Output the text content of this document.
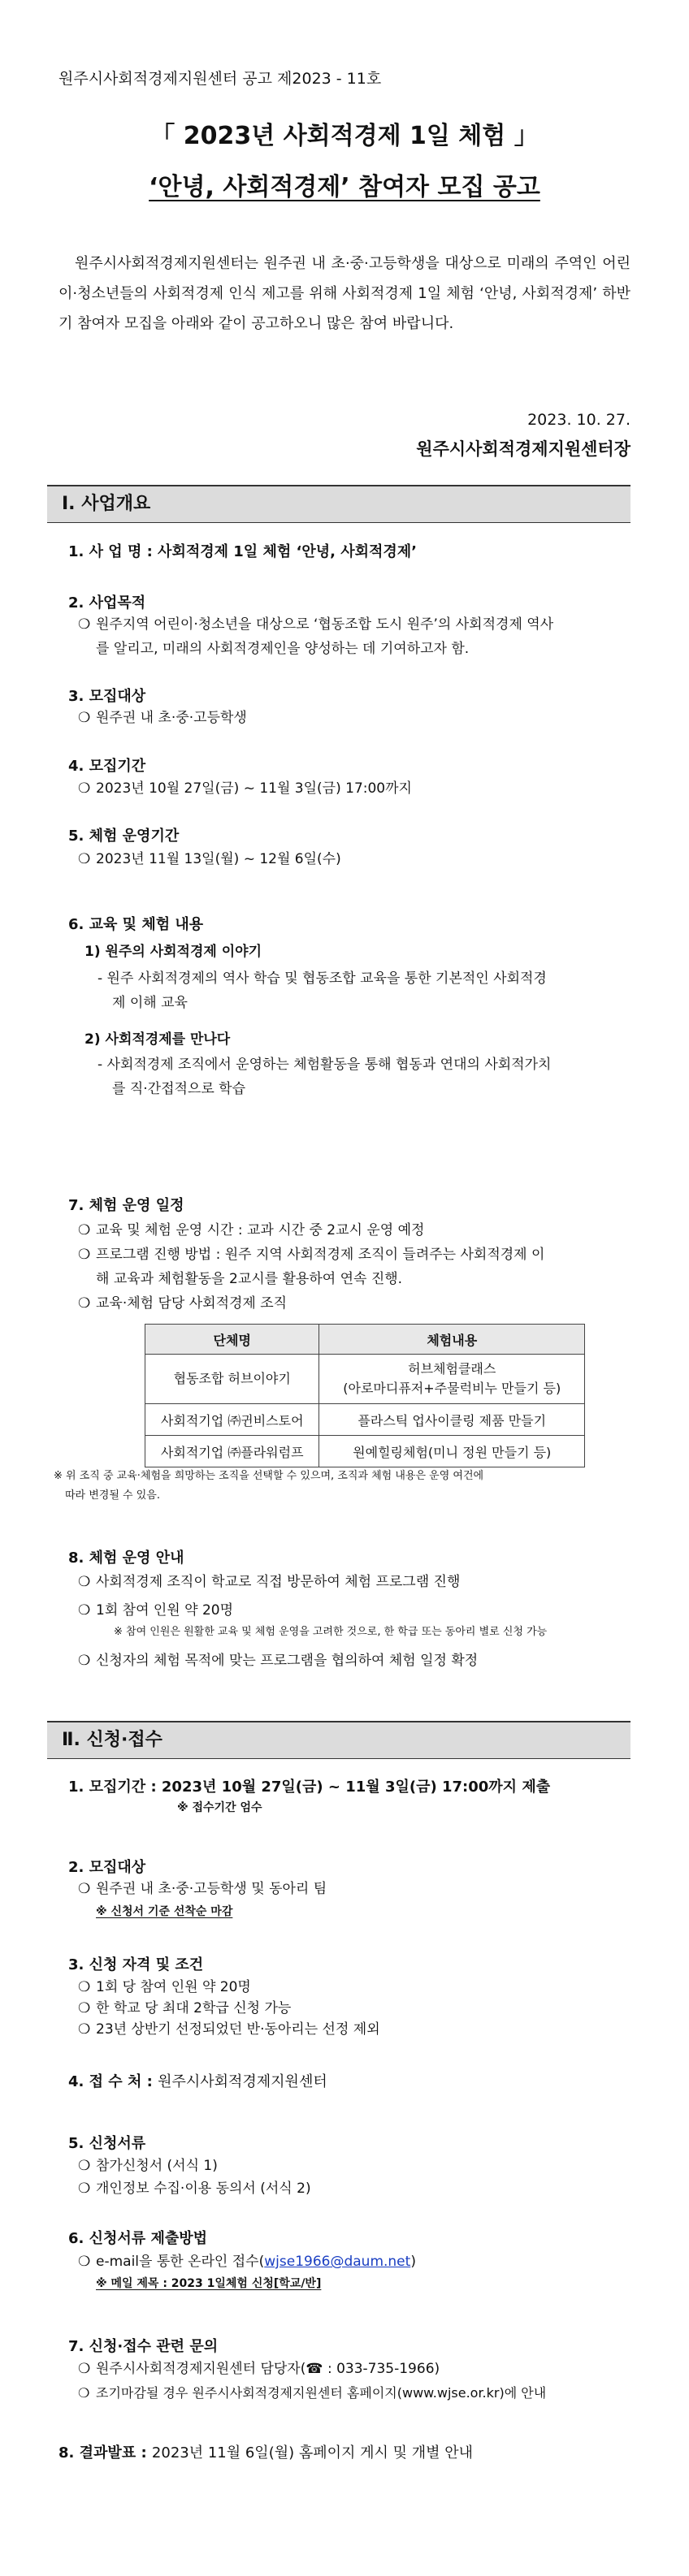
원주시사회적경제지원센터 공고 제2023 - 11호
「 2023년 사회적경제 1일 체험 」
‘안녕, 사회적경제’ 참여자 모집 공고
원주시사회적경제지원센터는 원주권 내 초·중·고등학생을 대상으로 미래의 주역인 어린이·청소년들의 사회적경제 인식 제고를 위해 사회적경제 1일 체험 ‘안녕, 사회적경제’ 하반기 참여자 모집을 아래와 같이 공고하오니 많은 참여 바랍니다.
2023. 10. 27.
원주시사회적경제지원센터장
Ⅰ. 사업개요
1. 사 업 명 : 사회적경제 1일 체험 ‘안녕, 사회적경제’
2. 사업목적
❍ 원주지역 어린이·청소년을 대상으로 ‘협동조합 도시 원주’의 사회적경제 역사
를 알리고, 미래의 사회적경제인을 양성하는 데 기여하고자 함.
3. 모집대상
❍ 원주권 내 초·중·고등학생
4. 모집기간
❍ 2023년 10월 27일(금) ~ 11월 3일(금) 17:00까지
5. 체험 운영기간
❍ 2023년 11월 13일(월) ~ 12월 6일(수)
6. 교육 및 체험 내용
1) 원주의 사회적경제 이야기
- 원주 사회적경제의 역사 학습 및 협동조합 교육을 통한 기본적인 사회적경
제 이해 교육
2) 사회적경제를 만나다
- 사회적경제 조직에서 운영하는 체험활동을 통해 협동과 연대의 사회적가치
를 직·간접적으로 학습
7. 체험 운영 일정
❍ 교육 및 체험 운영 시간 : 교과 시간 중 2교시 운영 예정
❍ 프로그램 진행 방법 : 원주 지역 사회적경제 조직이 들려주는 사회적경제 이
해 교육과 체험활동을 2교시를 활용하여 연속 진행.
❍ 교육·체험 담당 사회적경제 조직
단체명	체험내용
협동조합 허브이야기	허브체험클래스
(아로마디퓨저+주물럭비누 만들기 등)
사회적기업 ㈜귄비스토어	플라스틱 업사이클링 제품 만들기
사회적기업 ㈜플라워럼프	원예힐링체험(미니 정원 만들기 등)
※ 위 조직 중 교육·체험을 희망하는 조직을 선택할 수 있으며, 조직과 체험 내용은 운영 여건에
따라 변경될 수 있음.
Ⅱ. 신청·접수
8. 체험 운영 안내
❍ 사회적경제 조직이 학교로 직접 방문하여 체험 프로그램 진행
❍ 1회 참여 인원 약 20명
※ 참여 인원은 원활한 교육 및 체험 운영을 고려한 것으로, 한 학급 또는 동아리 별로 신청 가능
❍ 신청자의 체험 목적에 맞는 프로그램을 협의하여 체험 일정 확정
1. 모집기간 : 2023년 10월 27일(금) ~ 11월 3일(금) 17:00까지 제출
※ 접수기간 엄수
2. 모집대상
❍ 원주권 내 초·중·고등학생 및 동아리 팀
※ 신청서 기준 선착순 마감
3. 신청 자격 및 조건
❍ 1회 당 참여 인원 약 20명
❍ 한 학교 당 최대 2학급 신청 가능
❍ 23년 상반기 선정되었던 반·동아리는 선정 제외
4. 접 수 처 : 원주시사회적경제지원센터
5. 신청서류
❍ 참가신청서 (서식 1)
❍ 개인정보 수집·이용 동의서 (서식 2)
6. 신청서류 제출방법
❍ e-mail을 통한 온라인 접수(wjse1966@daum.net)
※ 메일 제목 : 2023 1일체험 신청[학교/반]
7. 신청·접수 관련 문의
❍ 원주시사회적경제지원센터 담당자(☎ : 033-735-1966)
❍ 조기마감될 경우 원주시사회적경제지원센터 홈페이지(www.wjse.or.kr)에 안내
8. 결과발표 : 2023년 11월 6일(월) 홈페이지 게시 및 개별 안내
